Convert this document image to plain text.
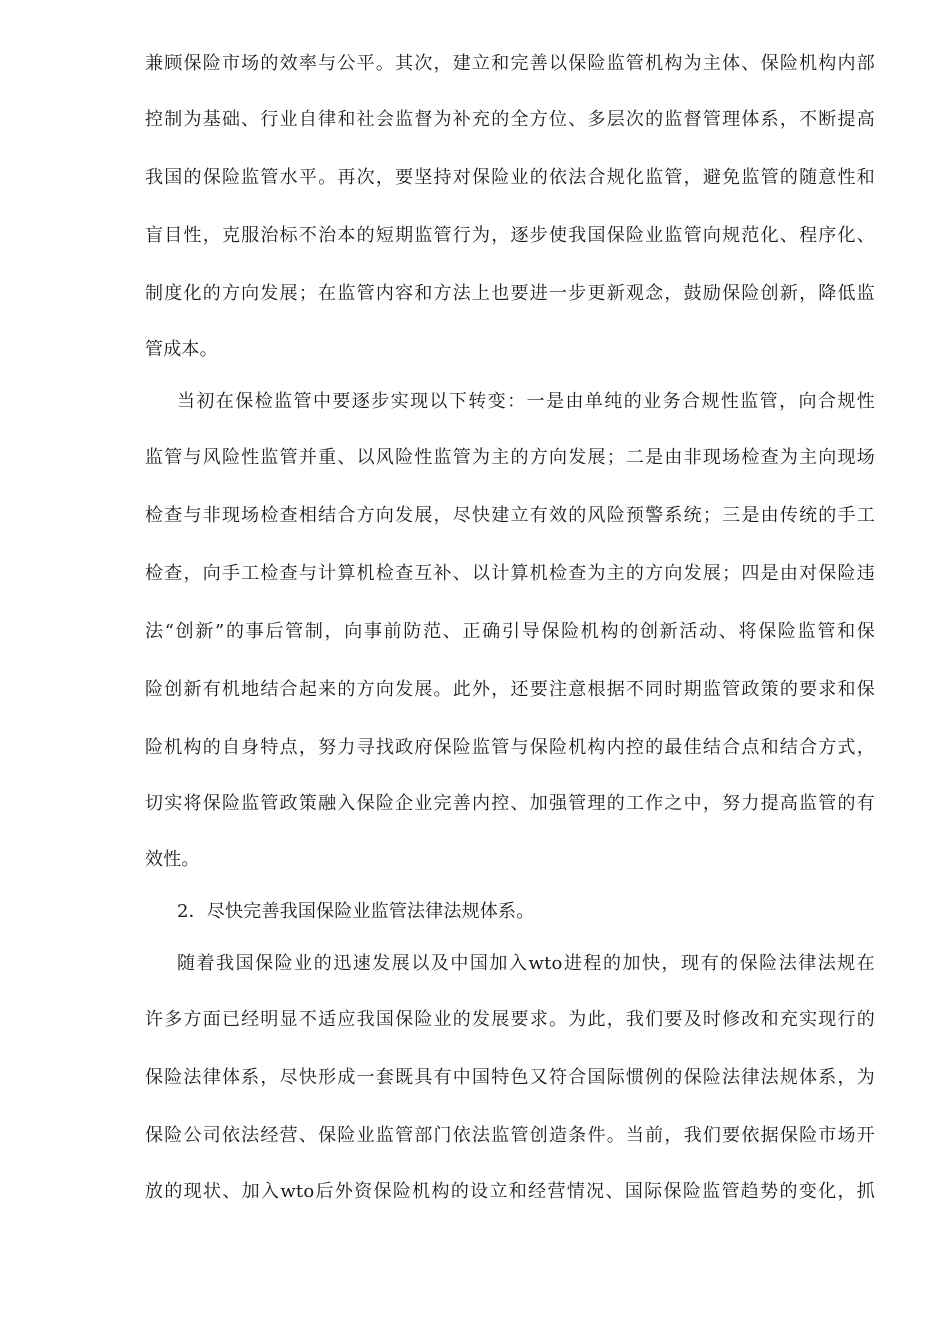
兼顾保险市场的效率与公平。其次，建立和完善以保险监管机构为主体、保险机构内部
控制为基础、行业自律和社会监督为补充的全方位、多层次的监督管理体系，不断提高
我国的保险监管水平。再次，要坚持对保险业的依法合规化监管，避免监管的随意性和
盲目性，克服治标不治本的短期监管行为，逐步使我国保险业监管向规范化、程序化、
制度化的方向发展；在监管内容和方法上也要进一步更新观念，鼓励保险创新，降低监
管成本。
当初在保检监管中要逐步实现以下转变：一是由单纯的业务合规性监管，向合规性
监管与风险性监管并重、以风险性监管为主的方向发展；二是由非现场检查为主向现场
检查与非现场检查相结合方向发展，尽快建立有效的风险预警系统；三是由传统的手工
检查，向手工检查与计算机检查互补、以计算机检查为主的方向发展；四是由对保险违
法“创新”的事后管制，向事前防范、正确引导保险机构的创新活动、将保险监管和保
险创新有机地结合起来的方向发展。此外，还要注意根据不同时期监管政策的要求和保
险机构的自身特点，努力寻找政府保险监管与保险机构内控的最佳结合点和结合方式，
切实将保险监管政策融入保险企业完善内控、加强管理的工作之中，努力提高监管的有
效性。
2．尽快完善我国保险业监管法律法规体系。
随着我国保险业的迅速发展以及中国加入wto进程的加快，现有的保险法律法规在
许多方面已经明显不适应我国保险业的发展要求。为此，我们要及时修改和充实现行的
保险法律体系，尽快形成一套既具有中国特色又符合国际惯例的保险法律法规体系，为
保险公司依法经营、保险业监管部门依法监管创造条件。当前，我们要依据保险市场开
放的现状、加入wto后外资保险机构的设立和经营情况、国际保险监管趋势的变化，抓
